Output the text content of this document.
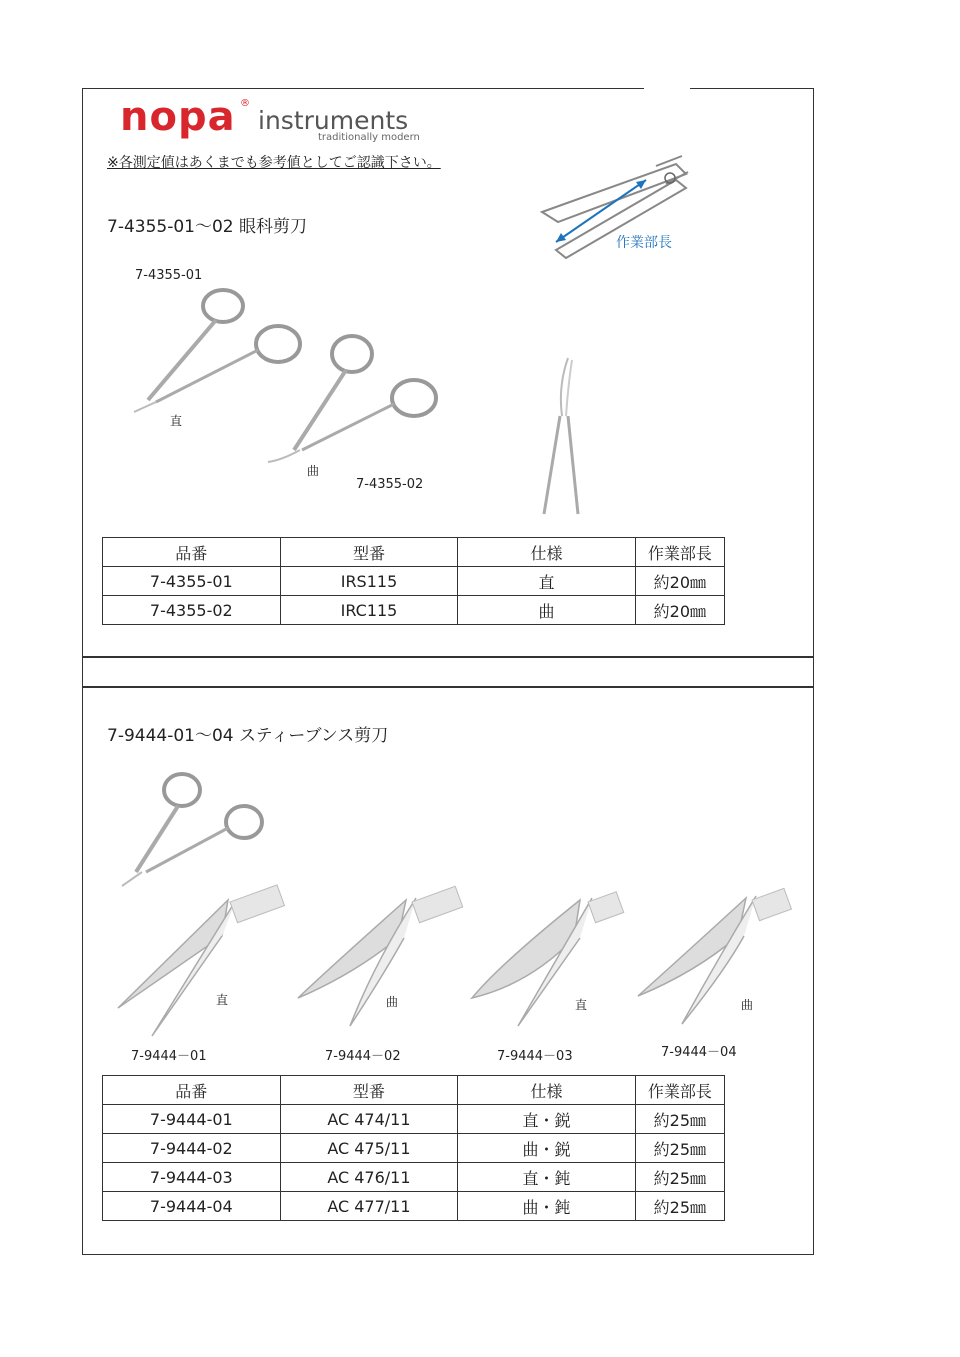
nopa ®
instruments
traditionally modern
※各測定値はあくまでも参考値としてご認識下さい。
7-4355-01～02 眼科剪刀
作業部長
7-4355-01
直
曲
7-4355-02
品番	型番	仕様	作業部長
7-4355-01	IRS115	直	約20㎜
7-4355-02	IRC115	曲	約20㎜
7-9444-01～04 スティーブンス剪刀
直	曲	直	曲
7-9444－01	7-9444－02	7-9444－03	7-9444－04
品番	型番	仕様	作業部長
7-9444-01	AC 474/11	直・鋭	約25㎜
7-9444-02	AC 475/11	曲・鋭	約25㎜
7-9444-03	AC 476/11	直・鈍	約25㎜
7-9444-04	AC 477/11	曲・鈍	約25㎜
